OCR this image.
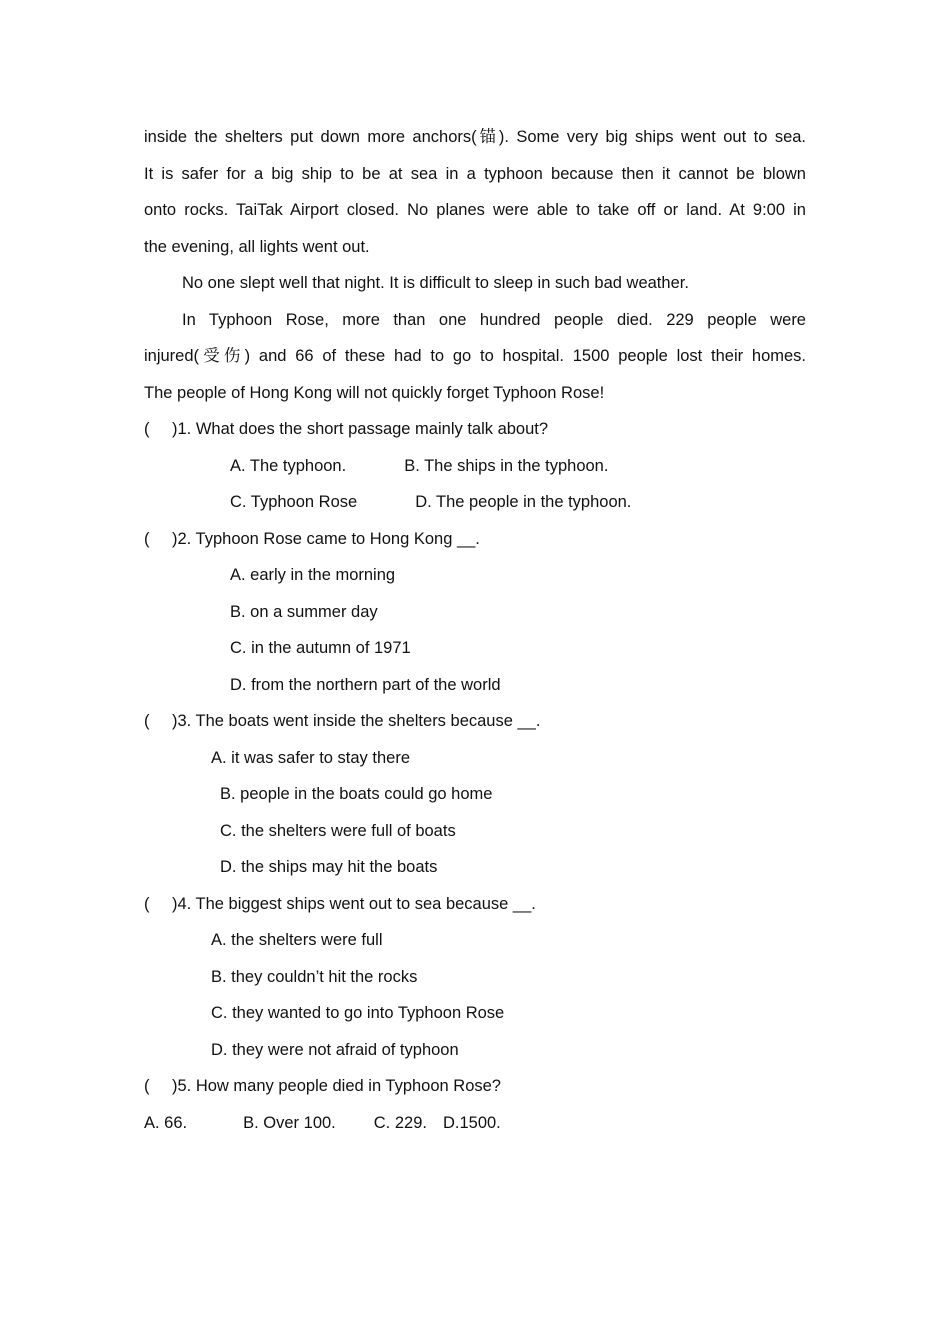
inside the shelters put down more anchors(锚). Some very big ships went out to sea.
It is safer for a big ship to be at sea in a typhoon because then it cannot be blown
onto rocks. TaiTak Airport closed. No planes were able to take off or land. At 9:00 in
the evening, all lights went out.
No one slept well that night. It is difficult to sleep in such bad weather.
In Typhoon Rose, more than one hundred people died. 229 people were
injured(受伤) and 66 of these had to go to hospital. 1500 people lost their homes.
The people of Hong Kong will not quickly forget Typhoon Rose!
( )1. What does the short passage mainly talk about?
A. The typhoon.	B. The ships in the typhoon.
C. Typhoon Rose	D. The people in the typhoon.
( )2. Typhoon Rose came to Hong Kong __.
A. early in the morning
B. on a summer day
C. in the autumn of 1971
D. from the northern part of the world
( )3. The boats went inside the shelters because __.
A. it was safer to stay there
B. people in the boats could go home
C. the shelters were full of boats
D. the ships may hit the boats
( )4. The biggest ships went out to sea because __.
A. the shelters were full
B. they couldn’t hit the rocks
C. they wanted to go into Typhoon Rose
D. they were not afraid of typhoon
( )5. How many people died in Typhoon Rose?
A. 66.	B. Over 100. C. 229. D.1500.
